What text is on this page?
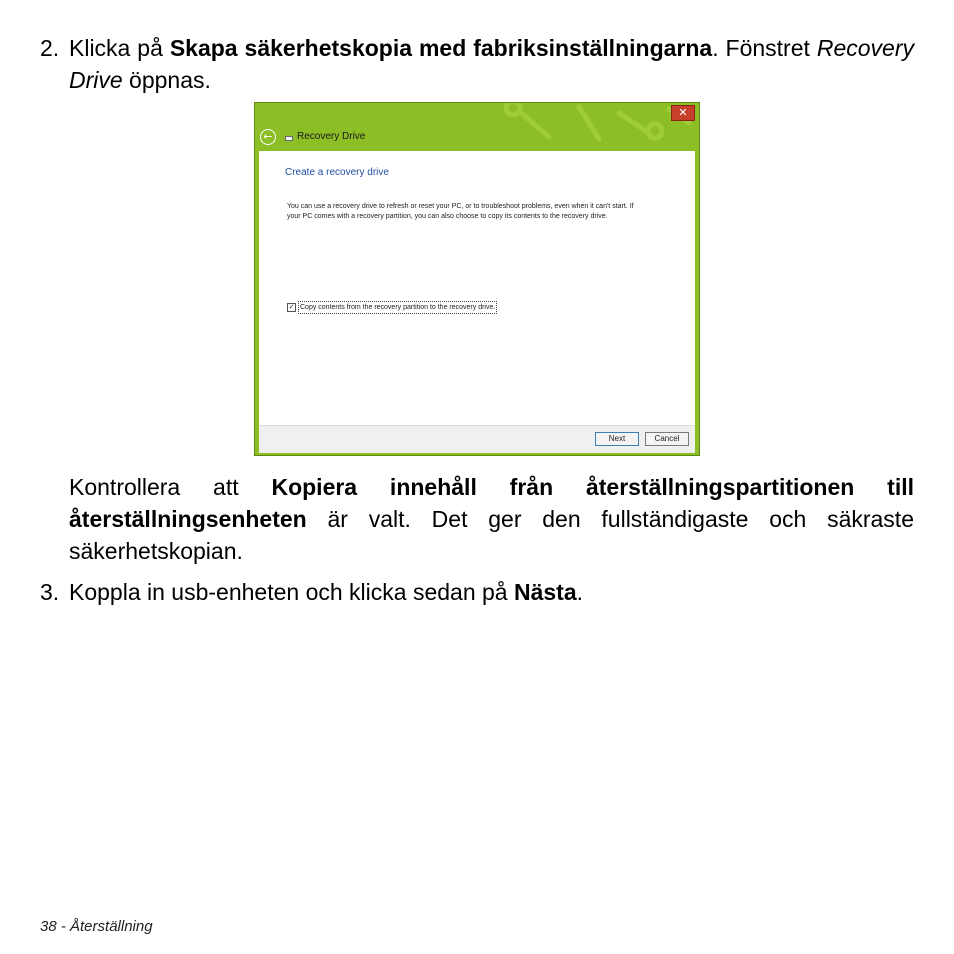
2. Klicka på Skapa säkerhetskopia med fabriksinställningarna. Fönstret Recovery Drive öppnas.
✕
←	Recovery Drive
Create a recovery drive
You can use a recovery drive to refresh or reset your PC, or to troubleshoot problems, even when it can't start. If your PC comes with a recovery partition, you can also choose to copy its contents to the recovery drive.
✓ Copy contents from the recovery partition to the recovery drive.
Next	Cancel
Kontrollera att Kopiera innehåll från återställningspartitionen till återställningsenheten är valt. Det ger den fullständigaste och säkraste säkerhetskopian.
3. Koppla in usb-enheten och klicka sedan på Nästa.
38 - Återställning
